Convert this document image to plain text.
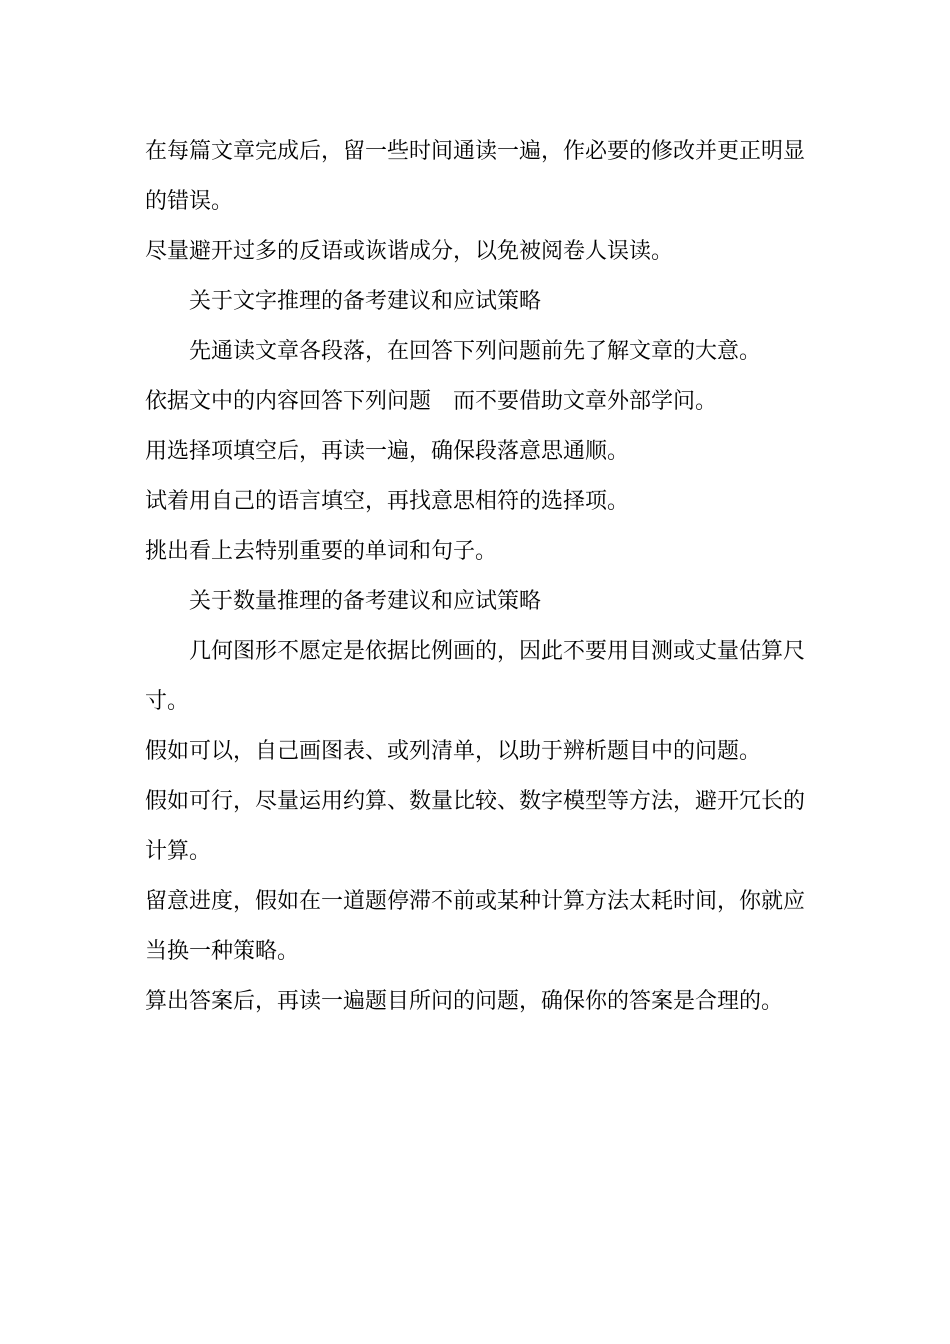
在每篇文章完成后，留一些时间通读一遍，作必要的修改并更正明显的错误。

尽量避开过多的反语或诙谐成分，以免被阅卷人误读。

关于文字推理的备考建议和应试策略

先通读文章各段落，在回答下列问题前先了解文章的大意。

依据文中的内容回答下列问题　而不要借助文章外部学问。

用选择项填空后，再读一遍，确保段落意思通顺。

试着用自己的语言填空，再找意思相符的选择项。

挑出看上去特别重要的单词和句子。

关于数量推理的备考建议和应试策略

几何图形不愿定是依据比例画的，因此不要用目测或丈量估算尺寸。

假如可以，自己画图表、或列清单，以助于辨析题目中的问题。

假如可行，尽量运用约算、数量比较、数字模型等方法，避开冗长的计算。

留意进度，假如在一道题停滞不前或某种计算方法太耗时间，你就应当换一种策略。

算出答案后，再读一遍题目所问的问题，确保你的答案是合理的。
